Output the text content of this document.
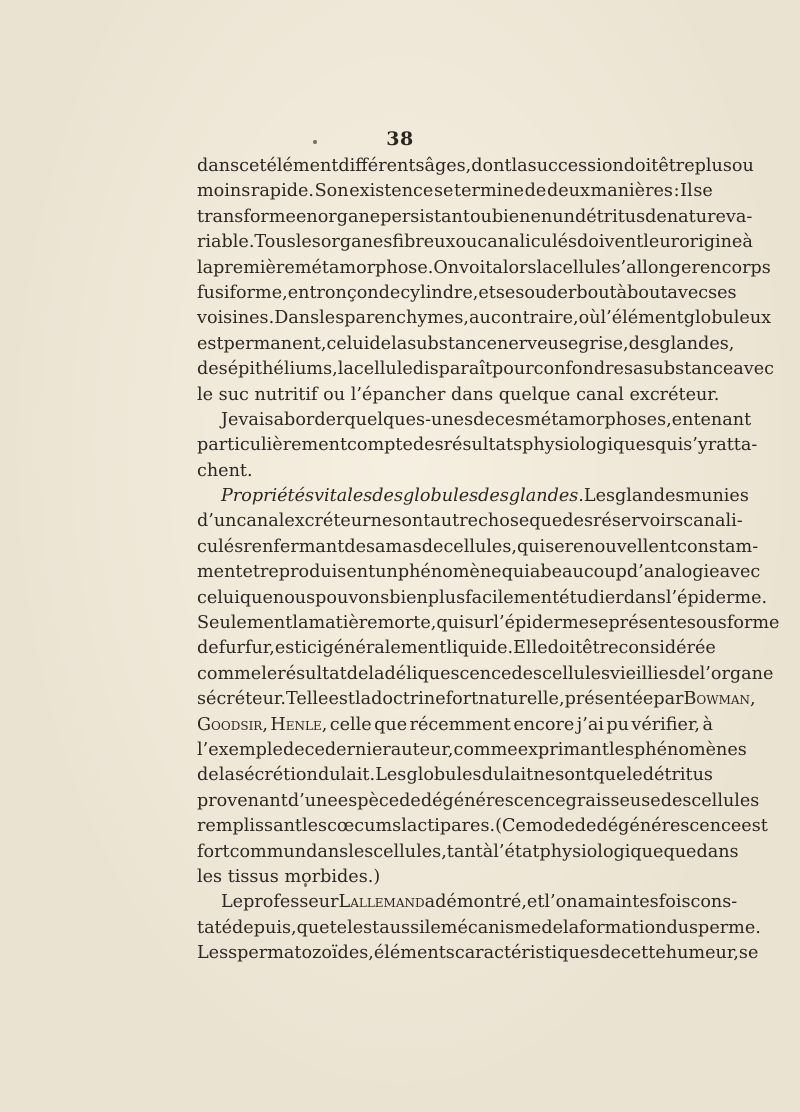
38
dans cet élément différents âges, dont la succession doit être plus ou
moins rapide. Son existence se termine de deux manières : Il se
transforme en organe persistant ou bien en un détritus de nature va-
riable. Tous les organes fibreux ou canaliculés doivent leur origine à
la première métamorphose. On voit alors la cellule s’allonger en corps
fusiforme, en tronçon de cylindre, et se souder bout à bout avec ses
voisines. Dans les parenchymes, au contraire, où l’élément globuleux
est permanent, celui de la substance nerveuse grise, des glandes,
des épithéliums, la cellule disparaît pour confondre sa substance avec
le suc nutritif ou l’épancher dans quelque canal excréteur.
Je vais aborder quelques-unes de ces métamorphoses, en tenant
particulièrement compte des résultats physiologiques qui s’y ratta-
chent.
Propriétés vitales des globules des glandes. Les glandes munies
d’un canal excréteur ne sont autre chose que des réservoirs canali-
culés renfermant des amas de cellules, qui se renouvellent constam-
ment et reproduisent un phénomène qui a beaucoup d’analogie avec
celui que nous pouvons bien plus facilement étudier dans l’épiderme.
Seulement la matière morte, qui sur l’épiderme se présente sous forme
de furfur, est ici généralement liquide. Elle doit être considérée
comme le résultat de la déliquescence des cellules vieillies de l’organe
sécréteur. Telle est la doctrine fort naturelle, présentée par Bowman,
Goodsir, Henle, celle que récemment encore j’ai pu vérifier, à
l’exemple de ce dernier auteur, comme exprimant les phénomènes
de la sécrétion du lait. Les globules du lait ne sont que le détritus
provenant d’une espèce de dégénérescence graisseuse des cellules
remplissant les cœcums lactipares. (Ce mode de dégénérescence est
fort commun dans les cellules, tant à l’état physiologique que dans
les tissus morbides.)
Le professeur Lallemand a démontré, et l’on a maintes fois cons-
taté depuis, que tel est aussi le mécanisme de la formation du sperme.
Les spermatozoïdes, éléments caractéristiques de cette humeur, se
